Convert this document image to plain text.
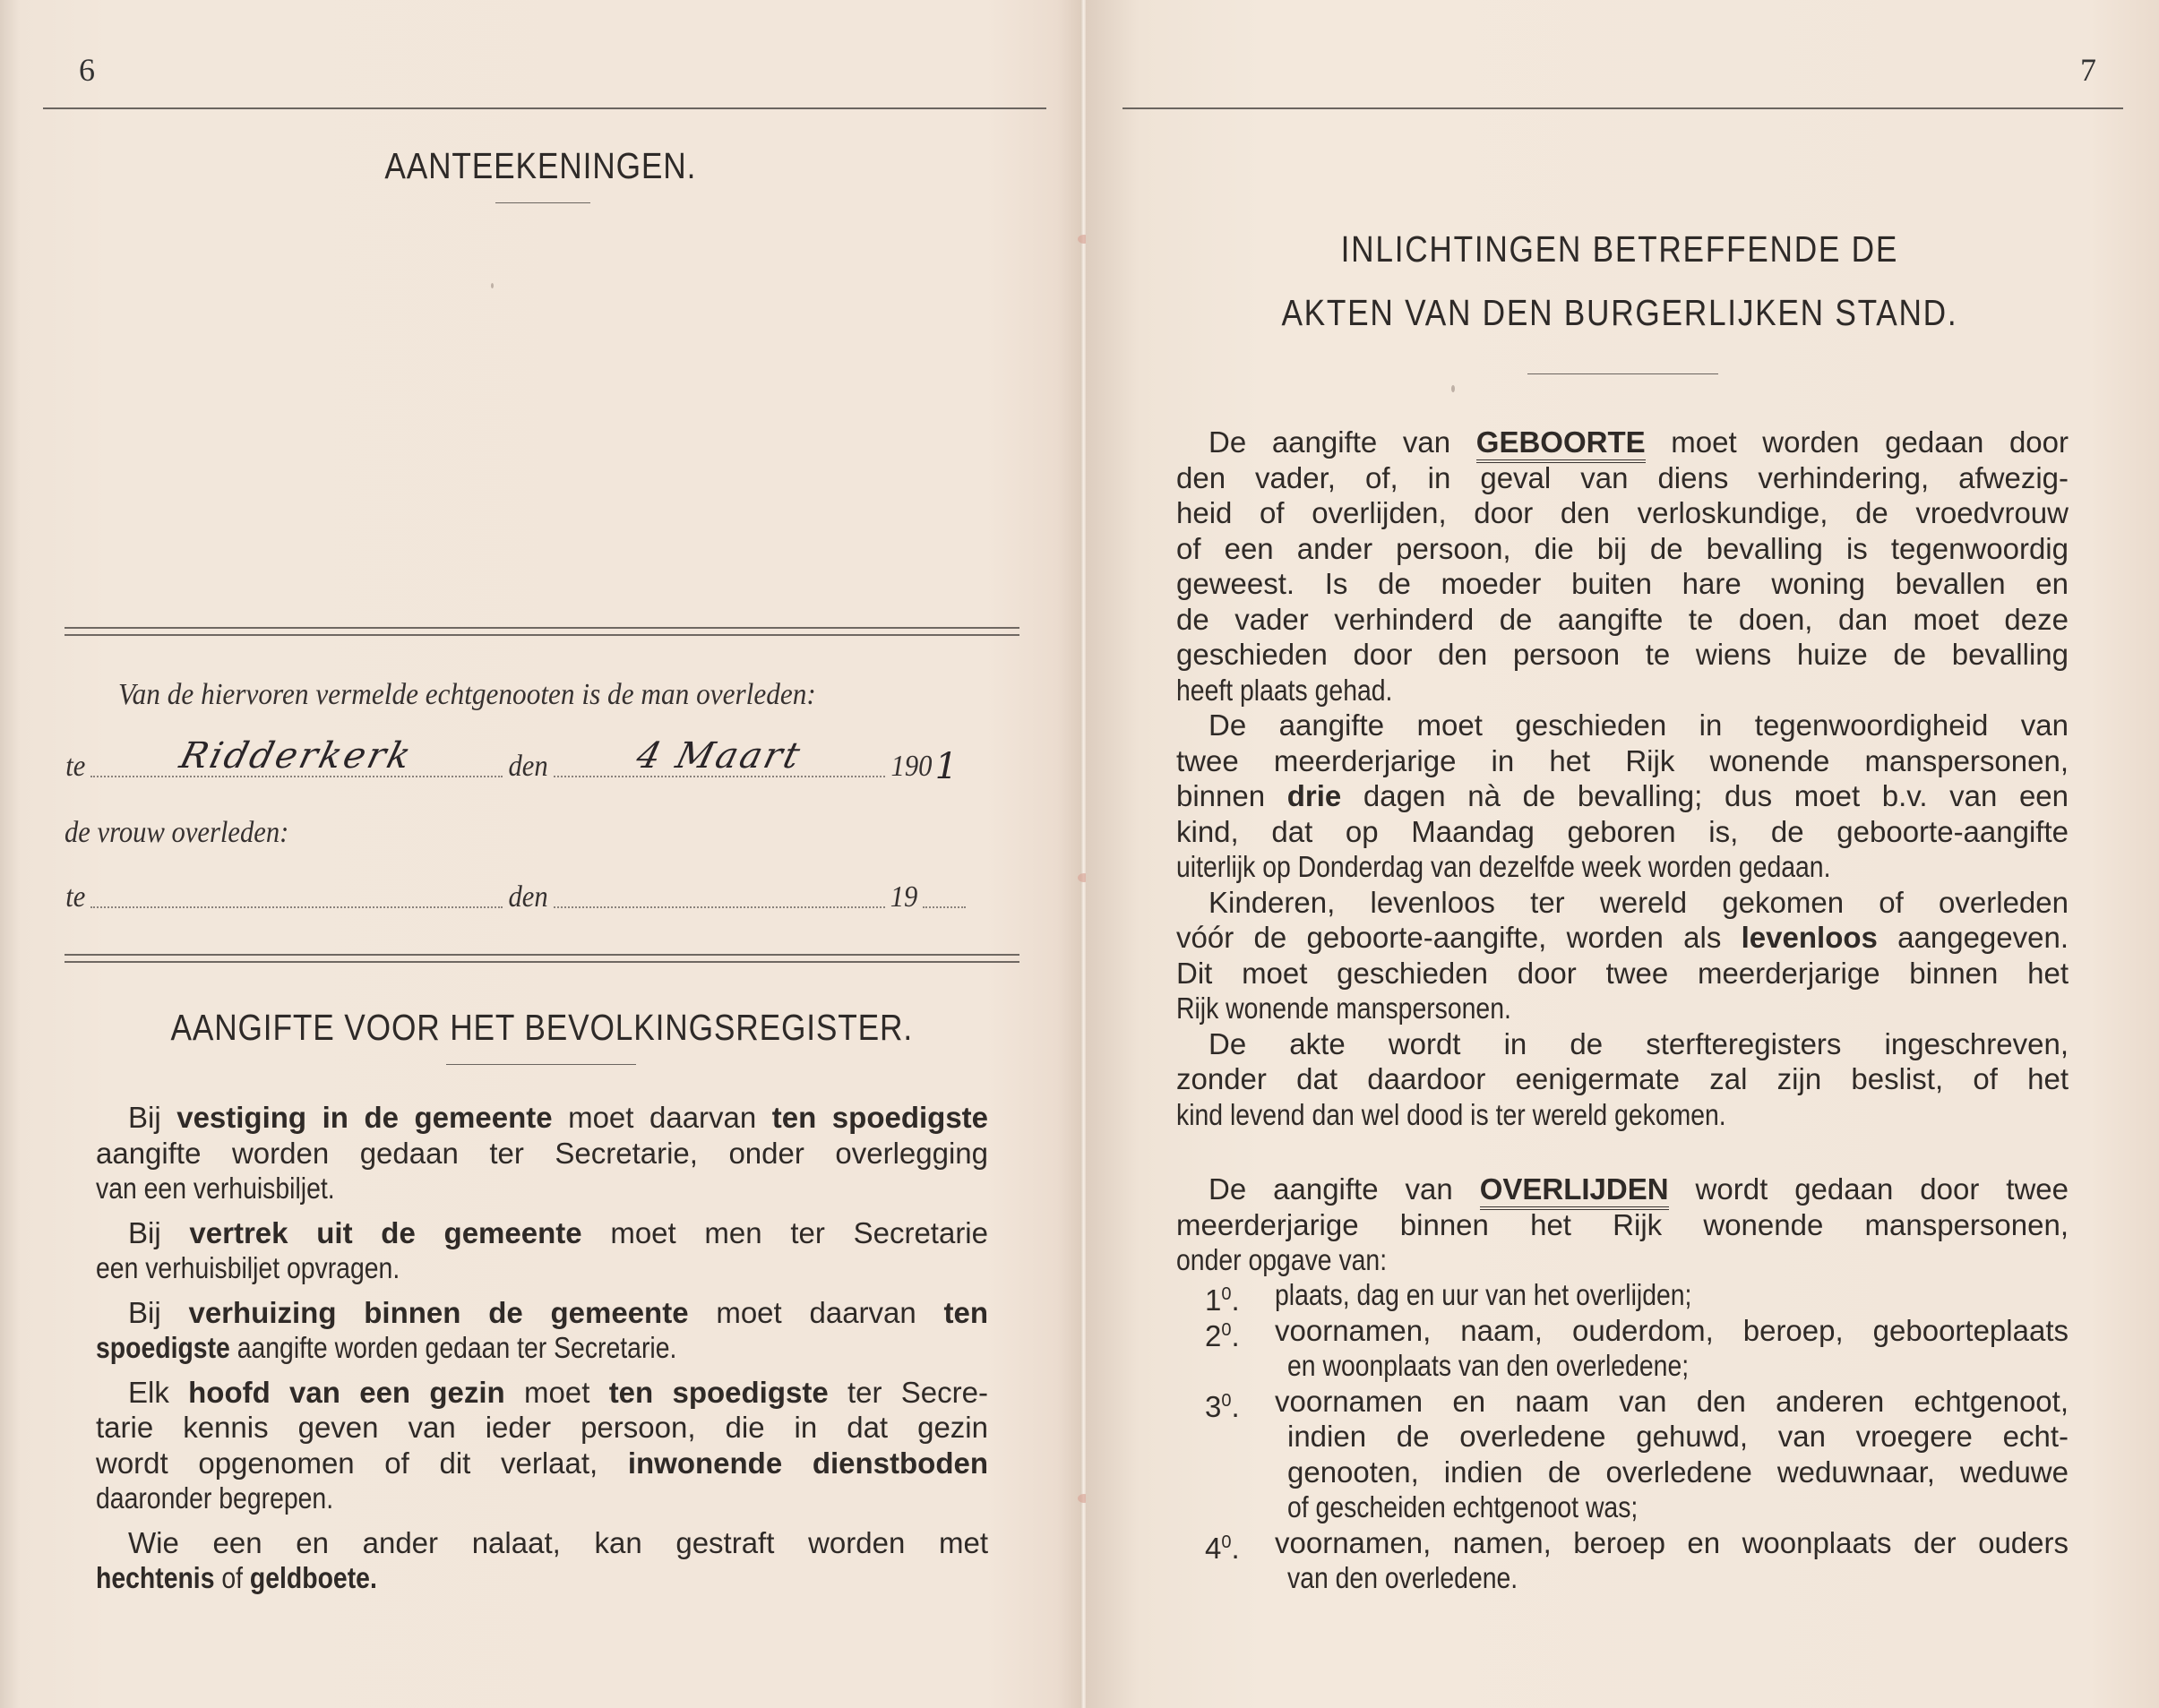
6
AANTEEKENINGEN.
Van de hiervoren vermelde echtgenooten is de man overleden:
te	Ridderkerk	den	4 Maart	190 1
de vrouw overleden:
te	den	19
AANGIFTE VOOR HET BEVOLKINGSREGISTER.
Bij vestiging in de gemeente moet daarvan ten spoedigste
aangifte worden gedaan ter Secretarie, onder overlegging
van een verhuisbiljet.
Bij vertrek uit de gemeente moet men ter Secretarie
een verhuisbiljet opvragen.
Bij verhuizing binnen de gemeente moet daarvan ten
spoedigste aangifte worden gedaan ter Secretarie.
Elk hoofd van een gezin moet ten spoedigste ter Secre-
tarie kennis geven van ieder persoon, die in dat gezin
wordt opgenomen of dit verlaat, inwonende dienstboden
daaronder begrepen.
Wie een en ander nalaat, kan gestraft worden met
hechtenis of geldboete.
7
INLICHTINGEN BETREFFENDE DE
AKTEN VAN DEN BURGERLIJKEN STAND.
De aangifte van GEBOORTE moet worden gedaan door
den vader, of, in geval van diens verhindering, afwezig-
heid of overlijden, door den verloskundige, de vroedvrouw
of een ander persoon, die bij de bevalling is tegenwoordig
geweest. Is de moeder buiten hare woning bevallen en
de vader verhinderd de aangifte te doen, dan moet deze
geschieden door den persoon te wiens huize de bevalling
heeft plaats gehad.
De aangifte moet geschieden in tegenwoordigheid van
twee meerderjarige in het Rijk wonende manspersonen,
binnen drie dagen nà de bevalling; dus moet b.v. van een
kind, dat op Maandag geboren is, de geboorte-aangifte
uiterlijk op Donderdag van dezelfde week worden gedaan.
Kinderen, levenloos ter wereld gekomen of overleden
vóór de geboorte-aangifte, worden als levenloos aangegeven.
Dit moet geschieden door twee meerderjarige binnen het
Rijk wonende manspersonen.
De akte wordt in de sterfteregisters ingeschreven,
zonder dat daardoor eenigermate zal zijn beslist, of het
kind levend dan wel dood is ter wereld gekomen.
De aangifte van OVERLIJDEN wordt gedaan door twee
meerderjarige binnen het Rijk wonende manspersonen,
onder opgave van:
$1^0$. plaats, dag en uur van het overlijden;
$2^0$. voornamen, naam, ouderdom, beroep, geboorteplaats
en woonplaats van den overledene;
$3^0$. voornamen en naam van den anderen echtgenoot,
indien de overledene gehuwd, van vroegere echt-
genooten, indien de overledene weduwnaar, weduwe
of gescheiden echtgenoot was;
$4^0$. voornamen, namen, beroep en woonplaats der ouders
van den overledene.
